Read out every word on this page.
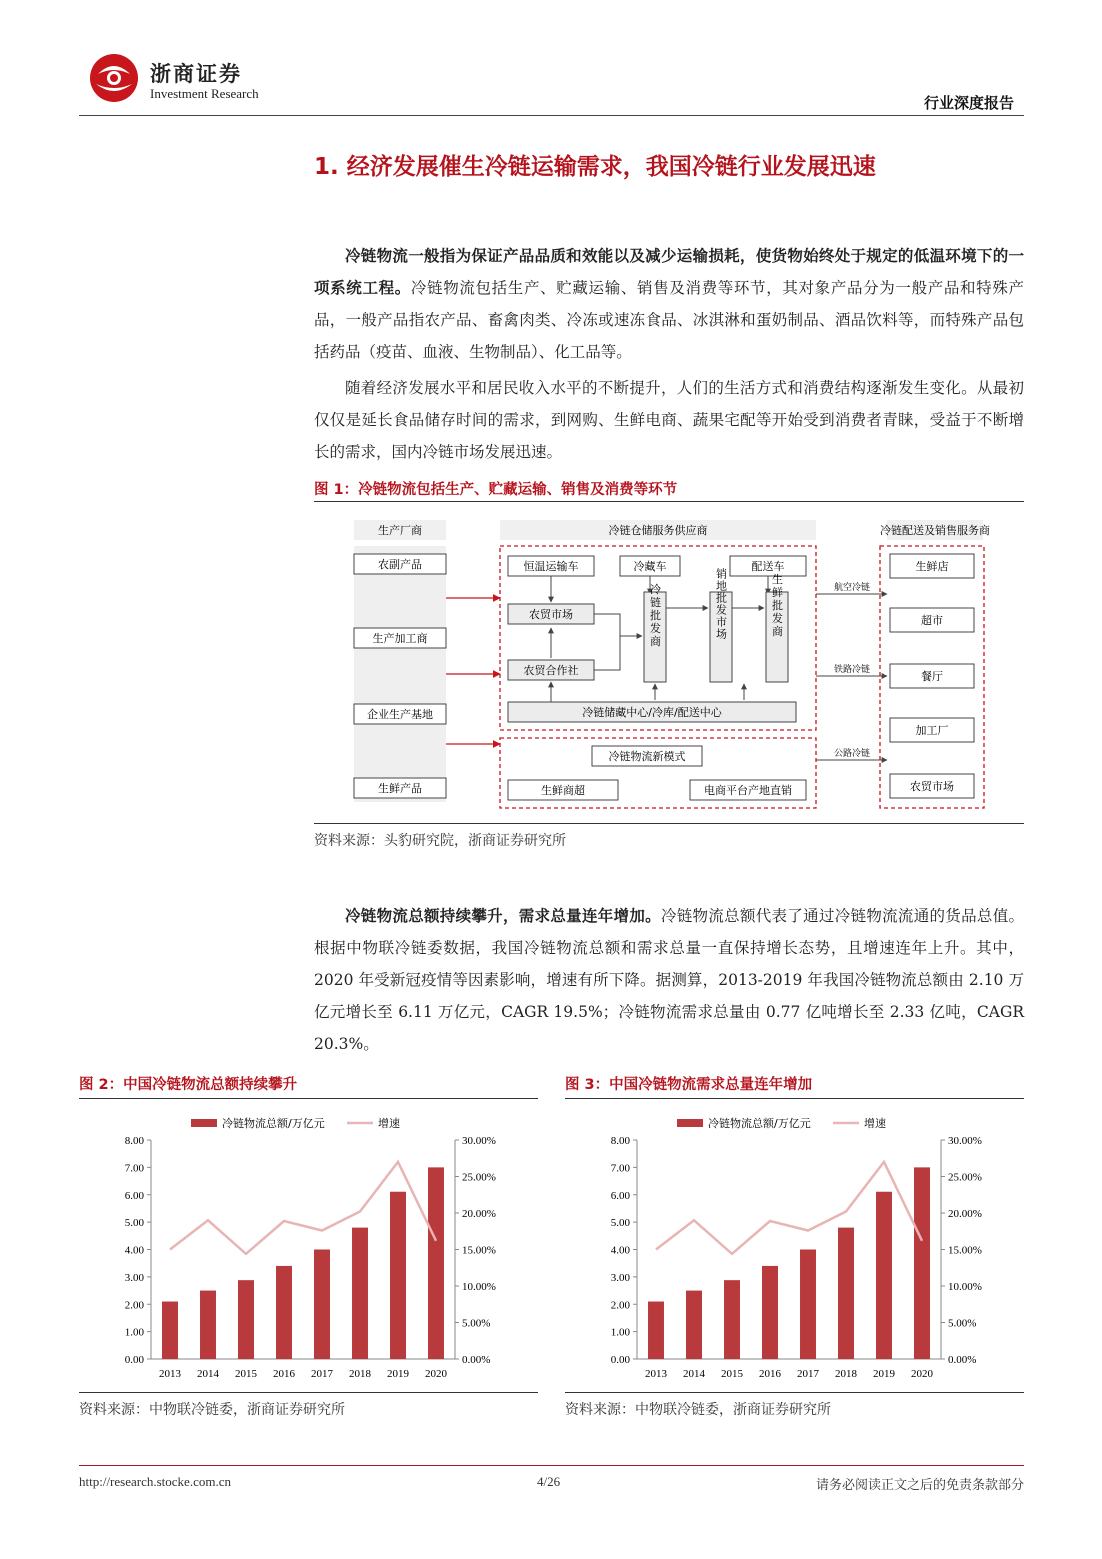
浙商证券
Investment Research
行业深度报告
1. 经济发展催生冷链运输需求，我国冷链行业发展迅速
冷链物流一般指为保证产品品质和效能以及减少运输损耗，使货物始终处于规定的低温环境下的一项系统工程。冷链物流包括生产、贮藏运输、销售及消费等环节，其对象产品分为一般产品和特殊产品，一般产品指农产品、畜禽肉类、冷冻或速冻食品、冰淇淋和蛋奶制品、酒品饮料等，而特殊产品包括药品（疫苗、血液、生物制品）、化工品等。
随着经济发展水平和居民收入水平的不断提升，人们的生活方式和消费结构逐渐发生变化。从最初仅仅是延长食品储存时间的需求，到网购、生鲜电商、蔬果宅配等开始受到消费者青睐，受益于不断增长的需求，国内冷链市场发展迅速。
图 1：冷链物流包括生产、贮藏运输、销售及消费等环节
生产厂商	冷链仓储服务供应商	冷链配送及销售服务商
农副产品
生产加工商
企业生产基地
生鲜产品
恒温运输车	冷藏车	配送车
农贸市场
农贸合作社
冷链批发商	销地批发市场	生鲜批发商
冷链储藏中心/冷库/配送中心
冷链物流新模式
生鲜商超	电商平台产地直销
航空冷链
铁路冷链
公路冷链
生鲜店
超市
餐厅
加工厂
农贸市场
资料来源：头豹研究院，浙商证券研究所
冷链物流总额持续攀升，需求总量连年增加。冷链物流总额代表了通过冷链物流流通的货品总值。根据中物联冷链委数据，我国冷链物流总额和需求总量一直保持增长态势，且增速连年上升。其中，2020 年受新冠疫情等因素影响，增速有所下降。据测算，2013-2019 年我国冷链物流总额由 2.10 万亿元增长至 6.11 万亿元，CAGR 19.5%；冷链物流需求总量由 0.77 亿吨增长至 2.33 亿吨，CAGR 20.3%。
图 2：中国冷链物流总额持续攀升	图 3：中国冷链物流需求总量连年增加
冷链物流总额/万亿元	增速
0.00
1.00
2.00
3.00
4.00
5.00
6.00
7.00
8.00
0.00%
5.00%
10.00%
15.00%
20.00%
25.00%
30.00%
2013 2014 2015 2016 2017 2018 2019 2020
冷链物流总额/万亿元	增速
0.00
1.00
2.00
3.00
4.00
5.00
6.00
7.00
8.00
0.00%
5.00%
10.00%
15.00%
20.00%
25.00%
30.00%
2013 2014 2015 2016 2017 2018 2019 2020
资料来源：中物联冷链委，浙商证券研究所	资料来源：中物联冷链委，浙商证券研究所
http://research.stocke.com.cn	4/26	请务必阅读正文之后的免责条款部分
